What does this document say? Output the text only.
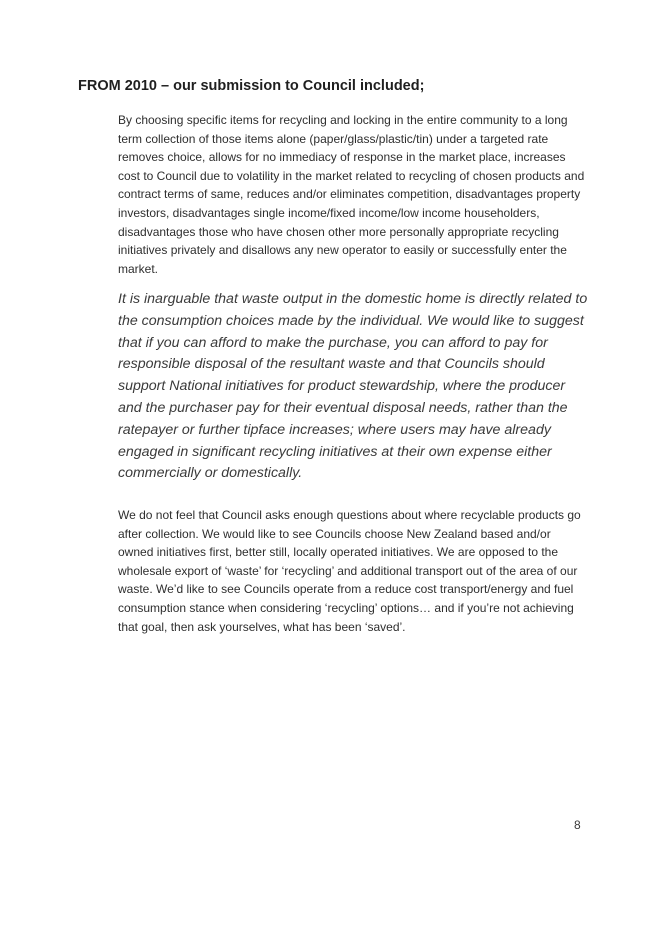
FROM 2010 – our submission to Council included;

By choosing specific items for recycling and locking in the entire community to a long term collection of those items alone (paper/glass/plastic/tin) under a targeted rate removes choice, allows for no immediacy of response in the market place, increases cost to Council due to volatility in the market related to recycling of chosen products and contract terms of same, reduces and/or eliminates competition, disadvantages property investors, disadvantages single income/fixed income/low income householders, disadvantages those who have chosen other more personally appropriate recycling initiatives privately and disallows any new operator to easily or successfully enter the market.

It is inarguable that waste output in the domestic home is directly related to the consumption choices made by the individual. We would like to suggest that if you can afford to make the purchase, you can afford to pay for responsible disposal of the resultant waste and that Councils should support National initiatives for product stewardship, where the producer and the purchaser pay for their eventual disposal needs, rather than the ratepayer or further tipface increases; where users may have already engaged in significant recycling initiatives at their own expense either commercially or domestically.

We do not feel that Council asks enough questions about where recyclable products go after collection. We would like to see Councils choose New Zealand based and/or owned initiatives first, better still, locally operated initiatives. We are opposed to the wholesale export of ‘waste’ for ‘recycling’ and additional transport out of the area of our waste. We’d like to see Councils operate from a reduce cost transport/energy and fuel consumption stance when considering ‘recycling’ options… and if you’re not achieving that goal, then ask yourselves, what has been ‘saved’.

8
